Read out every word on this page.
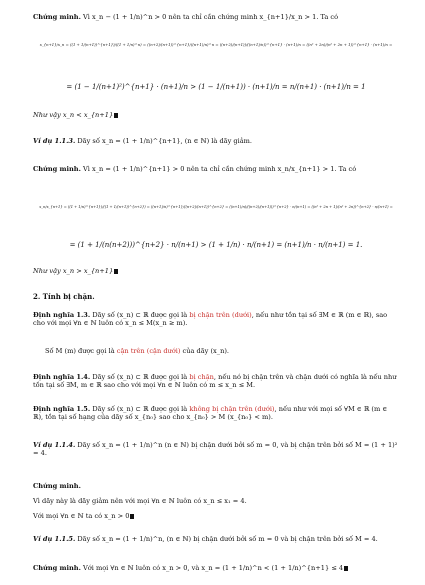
Chứng minh. Vì x_n − (1 + 1/n)^n > 0 nên ta chỉ cần chứng minh x_{n+1}/x_n > 1. Ta có
x_{n+1}/x_n = ((1 + 1/(n+1))^{n+1})/((1 + 1/n)^n) = ((n+2)/(n+1))^{n+1}/((n+1)/n)^n = ((n+2)/(n+1))/((n+1)/n))^{n+1} · (n+1)/n = ((n² + 2n)/(n² + 2n + 1))^{n+1} · (n+1)/n =
= (1 − 1/(n+1)²)^{n+1} · (n+1)/n > (1 − 1/(n+1)) · (n+1)/n = n/(n+1) · (n+1)/n = 1
Như vậy x_n < x_{n+1}
Ví dụ 1.1.3. Dãy số x_n = (1 + 1/n)^{n+1}, (n ∈ ℕ) là dãy giảm.
Chứng minh. Vì x_n = (1 + 1/n)^{n+1} > 0 nên ta chỉ cần chứng minh x_n/x_{n+1} > 1. Ta có
x_n/x_{n+1} = ((1 + 1/n)^{n+1})/((1 + 1/(n+1))^{n+2}) = ((n+1)/n)^{n+1}/((n+2)/(n+1))^{n+2} = ((n+1)/n)/((n+2)/(n+1)))^{n+2} · n/(n+1) = ((n² + 2n + 1)/(n² + 2n))^{n+2} · n/(n+1) =
= (1 + 1/(n(n+2)))^{n+2} · n/(n+1) > (1 + 1/n) · n/(n+1) = (n+1)/n · n/(n+1) = 1.
Như vậy x_n > x_{n+1}
2. Tính bị chặn.
Định nghĩa 1.3. Dãy số (x_n) ⊂ ℝ được gọi là bị chặn trên (dưới), nếu như tồn tại số ∃M ∈ ℝ (m ∈ ℝ), sao cho với mọi ∀n ∈ ℕ luôn có x_n ≤ M(x_n ≥ m).
Số M (m) được gọi là cận trên (cận dưới) của dãy (x_n).
Định nghĩa 1.4. Dãy số (x_n) ⊂ ℝ được gọi là bị chặn, nếu nó bị chặn trên và chặn dưới có nghĩa là nếu như tồn tại số ∃M, m ∈ ℝ sao cho với mọi ∀n ∈ ℕ luôn có m ≤ x_n ≤ M.
Định nghĩa 1.5. Dãy số (x_n) ⊂ ℝ được gọi là không bị chặn trên (dưới), nếu như với mọi số ∀M ∈ ℝ (m ∈ ℝ), tồn tại số hạng của dãy số x_{n₀} sao cho x_{n₀} > M (x_{n₀} < m).
Ví dụ 1.1.4. Dãy số x_n = (1 + 1/n)^n (n ∈ ℕ) bị chặn dưới bởi số m = 0, và bị chặn trên bởi số M = (1 + 1)² = 4.
Chứng minh.
Vì dãy này là dãy giảm nên với mọi ∀n ∈ ℕ luôn có x_n ≤ x₁ = 4.
Với mọi ∀n ∈ ℕ ta có x_n > 0
Ví dụ 1.1.5. Dãy số x_n = (1 + 1/n)^n, (n ∈ ℕ) bị chặn dưới bởi số m = 0 và bị chặn trên bởi số M = 4.
Chứng minh. Với mọi ∀n ∈ ℕ luôn có x_n > 0, và x_n = (1 + 1/n)^n < (1 + 1/n)^{n+1} ≤ 4
